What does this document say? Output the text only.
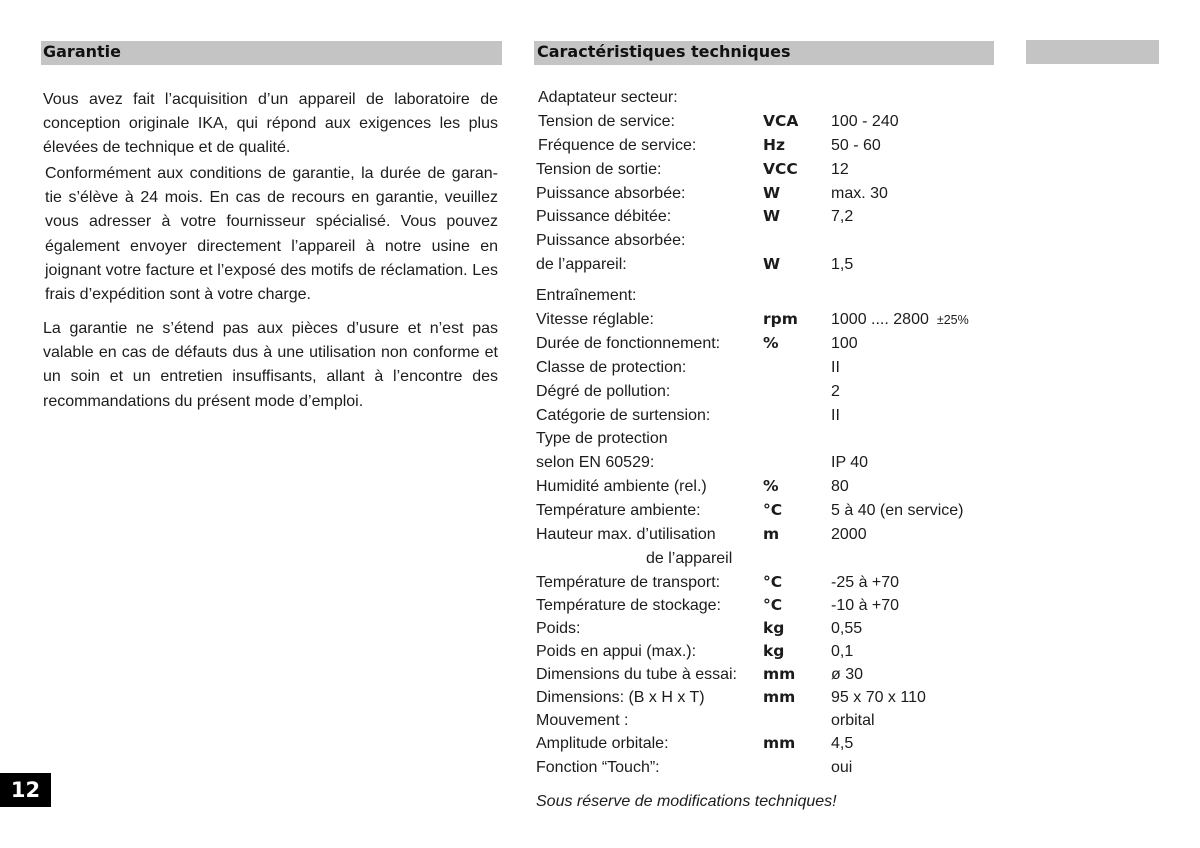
Garantie	Caractéristiques techniques

Vous avez fait l’acquisition d’un appareil de laboratoire de conception originale IKA, qui répond aux exigences les plus élevées de technique et de qualité.

Conformément aux conditions de garantie, la durée de garan-tie s’élève à 24 mois. En cas de recours en garantie, veuillez vous adresser à votre fournisseur spécialisé. Vous pouvez également envoyer directement l’appareil à notre usine en joignant votre facture et l’exposé des motifs de réclamation. Les frais d’expédition sont à votre charge.

La garantie ne s’étend pas aux pièces d’usure et n’est pas valable en cas de défauts dus à une utilisation non conforme et un soin et un entretien insuffisants, allant à l’encontre des recommandations du présent mode d’emploi.

Adaptateur secteur:
Tension de service:	VCA 100 - 240
Fréquence de service:	Hz	50 - 60
Tension de sortie:	VCC 12
Puissance absorbée:	W	max. 30
Puissance débitée:	W	7,2
Puissance absorbée:
de l’appareil:	W	1,5
Entraînement:
Vitesse réglable:	rpm 1000 .... 2800 ±25%
Durée de fonctionnement:	%	100
Classe de protection:	II
Dégré de pollution:	2
Catégorie de surtension:	II
Type de protection
selon EN 60529:	IP 40
Humidité ambiente (rel.)	%	80
Température ambiente:	°C	5 à 40 (en service)
Hauteur max. d’utilisation	m	2000
de l’appareil
Température de transport:	°C	-25 à +70
Température de stockage:	°C	-10 à +70
Poids:	kg	0,55
Poids en appui (max.):	kg	0,1
Dimensions du tube à essai: mm ø 30
Dimensions: (B x H x T)	mm 95 x 70 x 110
Mouvement :	orbital
Amplitude orbitale:	mm 4,5
Fonction “Touch”:	oui
Sous réserve de modifications techniques!
12
